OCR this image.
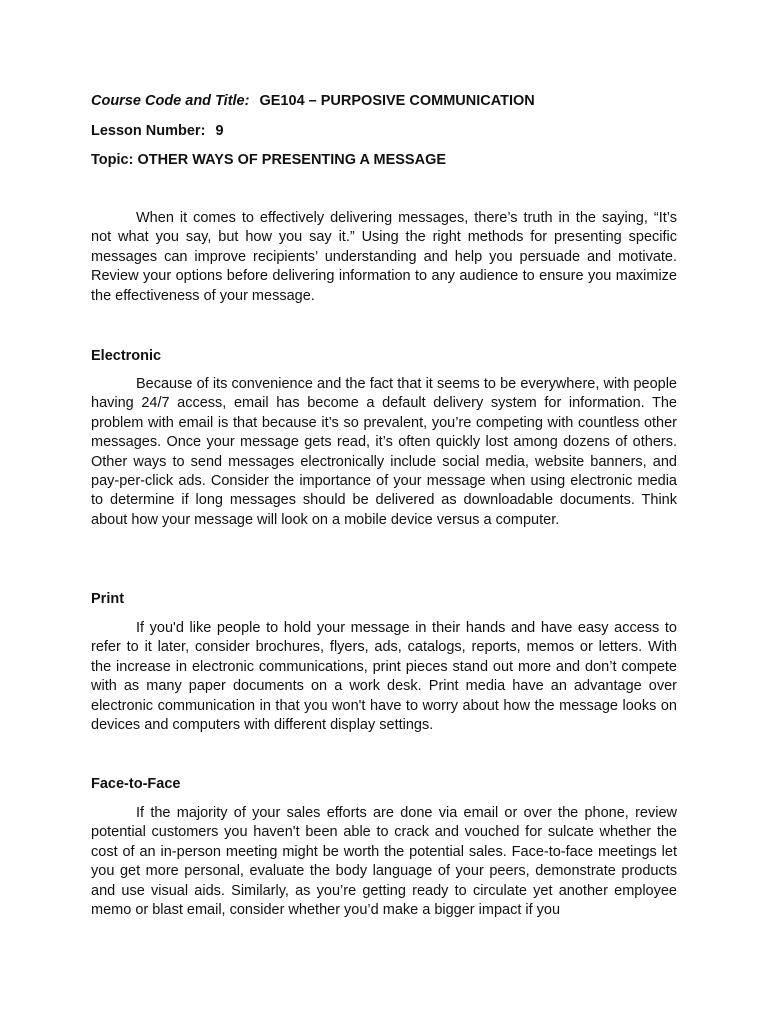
Course Code and Title: GE104 – PURPOSIVE COMMUNICATION

Lesson Number: 9

Topic: OTHER WAYS OF PRESENTING A MESSAGE

When it comes to effectively delivering messages, there’s truth in the saying, “It’s not what you say, but how you say it.” Using the right methods for presenting specific messages can improve recipients’ understanding and help you persuade and motivate. Review your options before delivering information to any audience to ensure you maximize the effectiveness of your message.

Electronic

Because of its convenience and the fact that it seems to be everywhere, with people having 24/7 access, email has become a default delivery system for information. The problem with email is that because it’s so prevalent, you’re competing with countless other messages. Once your message gets read, it’s often quickly lost among dozens of others. Other ways to send messages electronically include social media, website banners, and pay-per-click ads. Consider the importance of your message when using electronic media to determine if long messages should be delivered as downloadable documents. Think about how your message will look on a mobile device versus a computer.

Print

If you'd like people to hold your message in their hands and have easy access to refer to it later, consider brochures, flyers, ads, catalogs, reports, memos or letters. With the increase in electronic communications, print pieces stand out more and don’t compete with as many paper documents on a work desk. Print media have an advantage over electronic communication in that you won't have to worry about how the message looks on devices and computers with different display settings.

Face-to-Face

If the majority of your sales efforts are done via email or over the phone, review potential customers you haven't been able to crack and vouched for sulcate whether the cost of an in-person meeting might be worth the potential sales. Face-to-face meetings let you get more personal, evaluate the body language of your peers, demonstrate products and use visual aids. Similarly, as you’re getting ready to circulate yet another employee memo or blast email, consider whether you’d make a bigger impact if you
